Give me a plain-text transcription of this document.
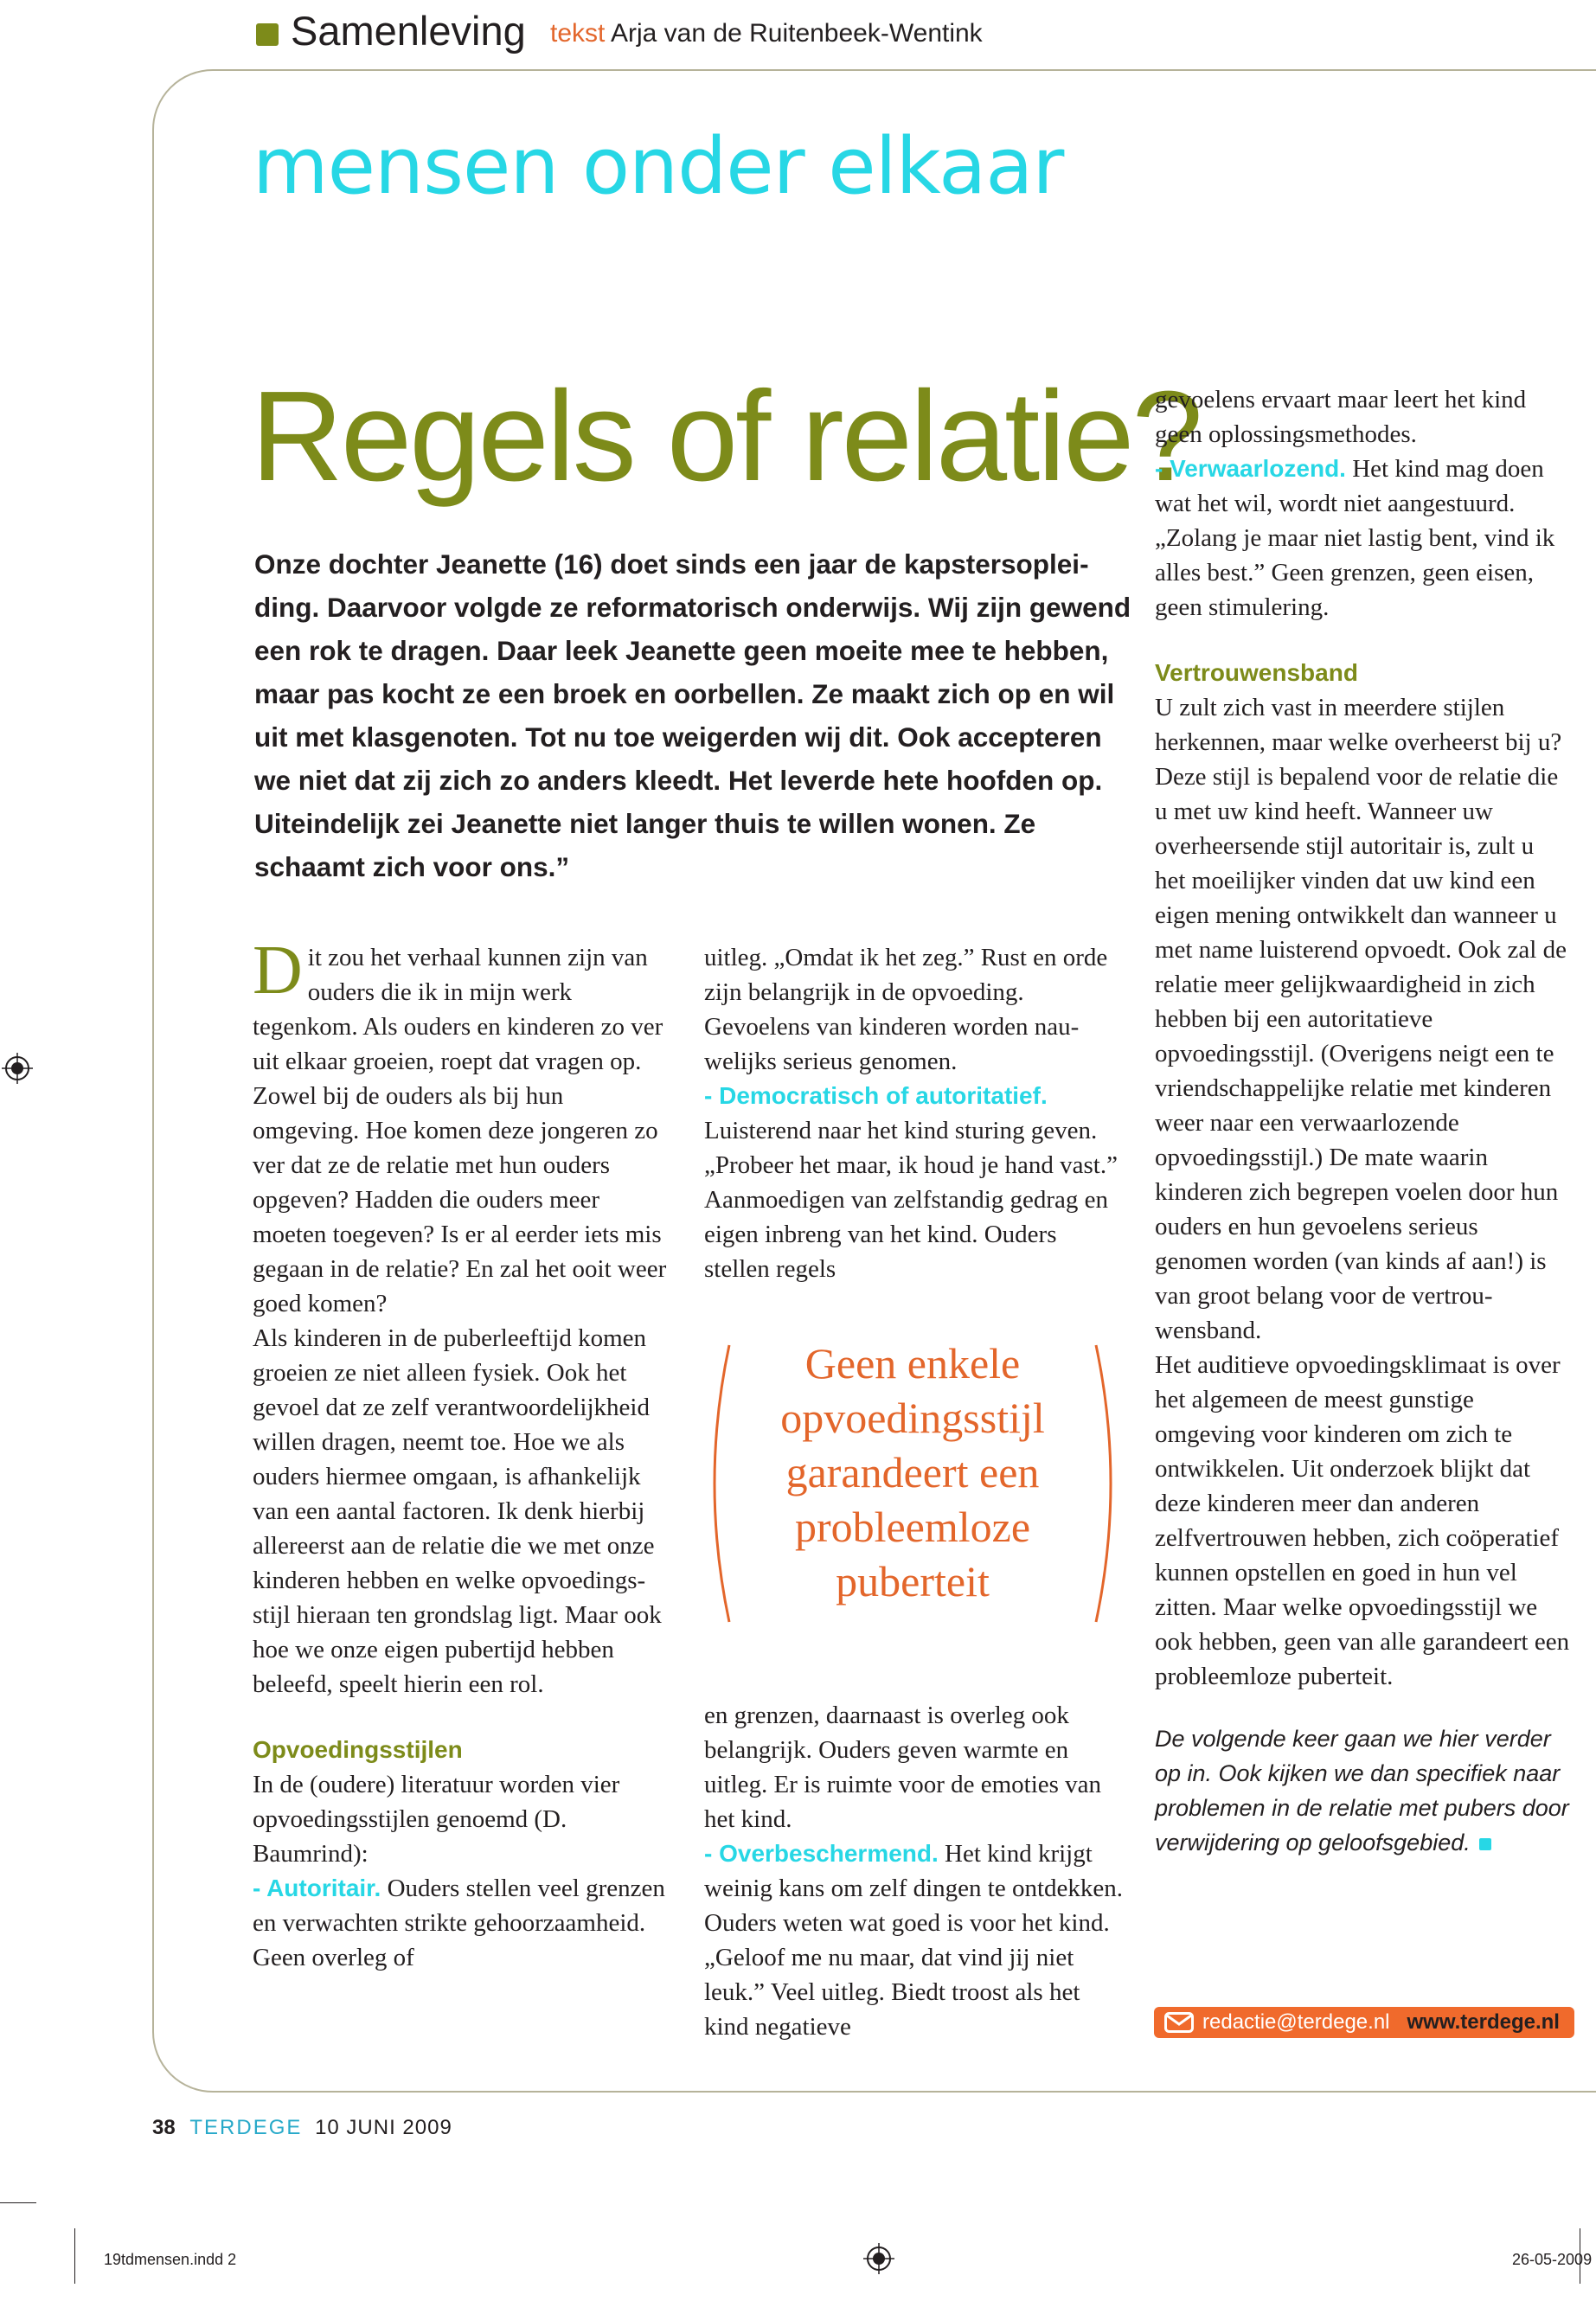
Samenleving tekst Arja van de Ruitenbeek-Wentink
mensen onder elkaar
Regels of relatie?

Onze dochter Jeanette (16) doet sinds een jaar de kapstersopleiding. Daarvoor volgde ze reformatorisch onderwijs. Wij zijn gewend een rok te dragen. Daar leek Jeanette geen moeite mee te hebben, maar pas kocht ze een broek en oorbellen. Ze maakt zich op en wil uit met klasgenoten. Tot nu toe weigerden wij dit. Ook accepteren we niet dat zij zich zo anders kleedt. Het leverde hete hoofden op. Uiteindelijk zei Jeanette niet langer thuis te willen wonen. Ze schaamt zich voor ons.”

Dit zou het verhaal kunnen zijn van ouders die ik in mijn werk tegenkom. Als ouders en kinderen zo ver uit elkaar groeien, roept dat vragen op. Zowel bij de ouders als bij hun omgeving. Hoe komen deze jongeren zo ver dat ze de relatie met hun ouders opgeven? Hadden die ouders meer moeten toegeven? Is er al eerder iets mis gegaan in de relatie? En zal het ooit weer goed komen?

Als kinderen in de puberleeftijd komen groeien ze niet alleen fysiek. Ook het gevoel dat ze zelf verantwoordelijkheid willen dragen, neemt toe. Hoe we als ouders hiermee omgaan, is afhankelijk van een aantal factoren. Ik denk hierbij allereerst aan de relatie die we met onze kinderen hebben en welke opvoedingsstijl hieraan ten grondslag ligt. Maar ook hoe we onze eigen pubertijd hebben beleefd, speelt hierin een rol.

Opvoedingsstijlen

In de (oudere) literatuur worden vier opvoedingsstijlen genoemd (D. Baumrind):

- Autoritair. Ouders stellen veel grenzen en verwachten strikte gehoorzaamheid. Geen overleg of

uitleg. „Omdat ik het zeg.” Rust en orde zijn belangrijk in de opvoeding. Gevoelens van kinderen worden nauwelijks serieus genomen.

- Democratisch of autoritatief.

Luisterend naar het kind sturing geven. „Probeer het maar, ik houd je hand vast.” Aanmoedigen van zelfstandig gedrag en eigen inbreng van het kind. Ouders stellen regels

Geen enkele opvoedingsstijl garandeert een probleemloze puberteit

en grenzen, daarnaast is overleg ook belangrijk. Ouders geven warmte en uitleg. Er is ruimte voor de emoties van het kind.

- Overbeschermend. Het kind krijgt weinig kans om zelf dingen te ontdekken. Ouders weten wat goed is voor het kind. „Geloof me nu maar, dat vind jij niet leuk.” Veel uitleg. Biedt troost als het kind negatieve

gevoelens ervaart maar leert het kind geen oplossingsmethodes.

- Verwaarlozend. Het kind mag doen wat het wil, wordt niet aangestuurd. „Zolang je maar niet lastig bent, vind ik alles best.” Geen grenzen, geen eisen, geen stimulering.

Vertrouwensband

U zult zich vast in meerdere stijlen herkennen, maar welke overheerst bij u? Deze stijl is bepalend voor de relatie die u met uw kind heeft. Wanneer uw overheersende stijl autoritair is, zult u het moeilijker vinden dat uw kind een eigen mening ontwikkelt dan wanneer u met name luisterend opvoedt. Ook zal de relatie meer gelijkwaardigheid in zich hebben bij een autoritatieve opvoedingsstijl. (Overigens neigt een te vriendschappelijke relatie met kinderen weer naar een verwaarlozende opvoedingsstijl.) De mate waarin kinderen zich begrepen voelen door hun ouders en hun gevoelens serieus genomen worden (van kinds af aan!) is van groot belang voor de vertrouwensband.

Het auditieve opvoedingsklimaat is over het algemeen de meest gunstige omgeving voor kinderen om zich te ontwikkelen. Uit onderzoek blijkt dat deze kinderen meer dan anderen zelfvertrouwen hebben, zich coöperatief kunnen opstellen en goed in hun vel zitten. Maar welke opvoedingsstijl we ook hebben, geen van alle garandeert een probleemloze puberteit.

De volgende keer gaan we hier verder op in. Ook kijken we dan specifiek naar problemen in de relatie met pubers door verwijdering op geloofsgebied.

redactie@terdege.nl www.terdege.nl
38 TERDEGE 10 JUNI 2009
19tdmensen.indd 2	26-05-2009
